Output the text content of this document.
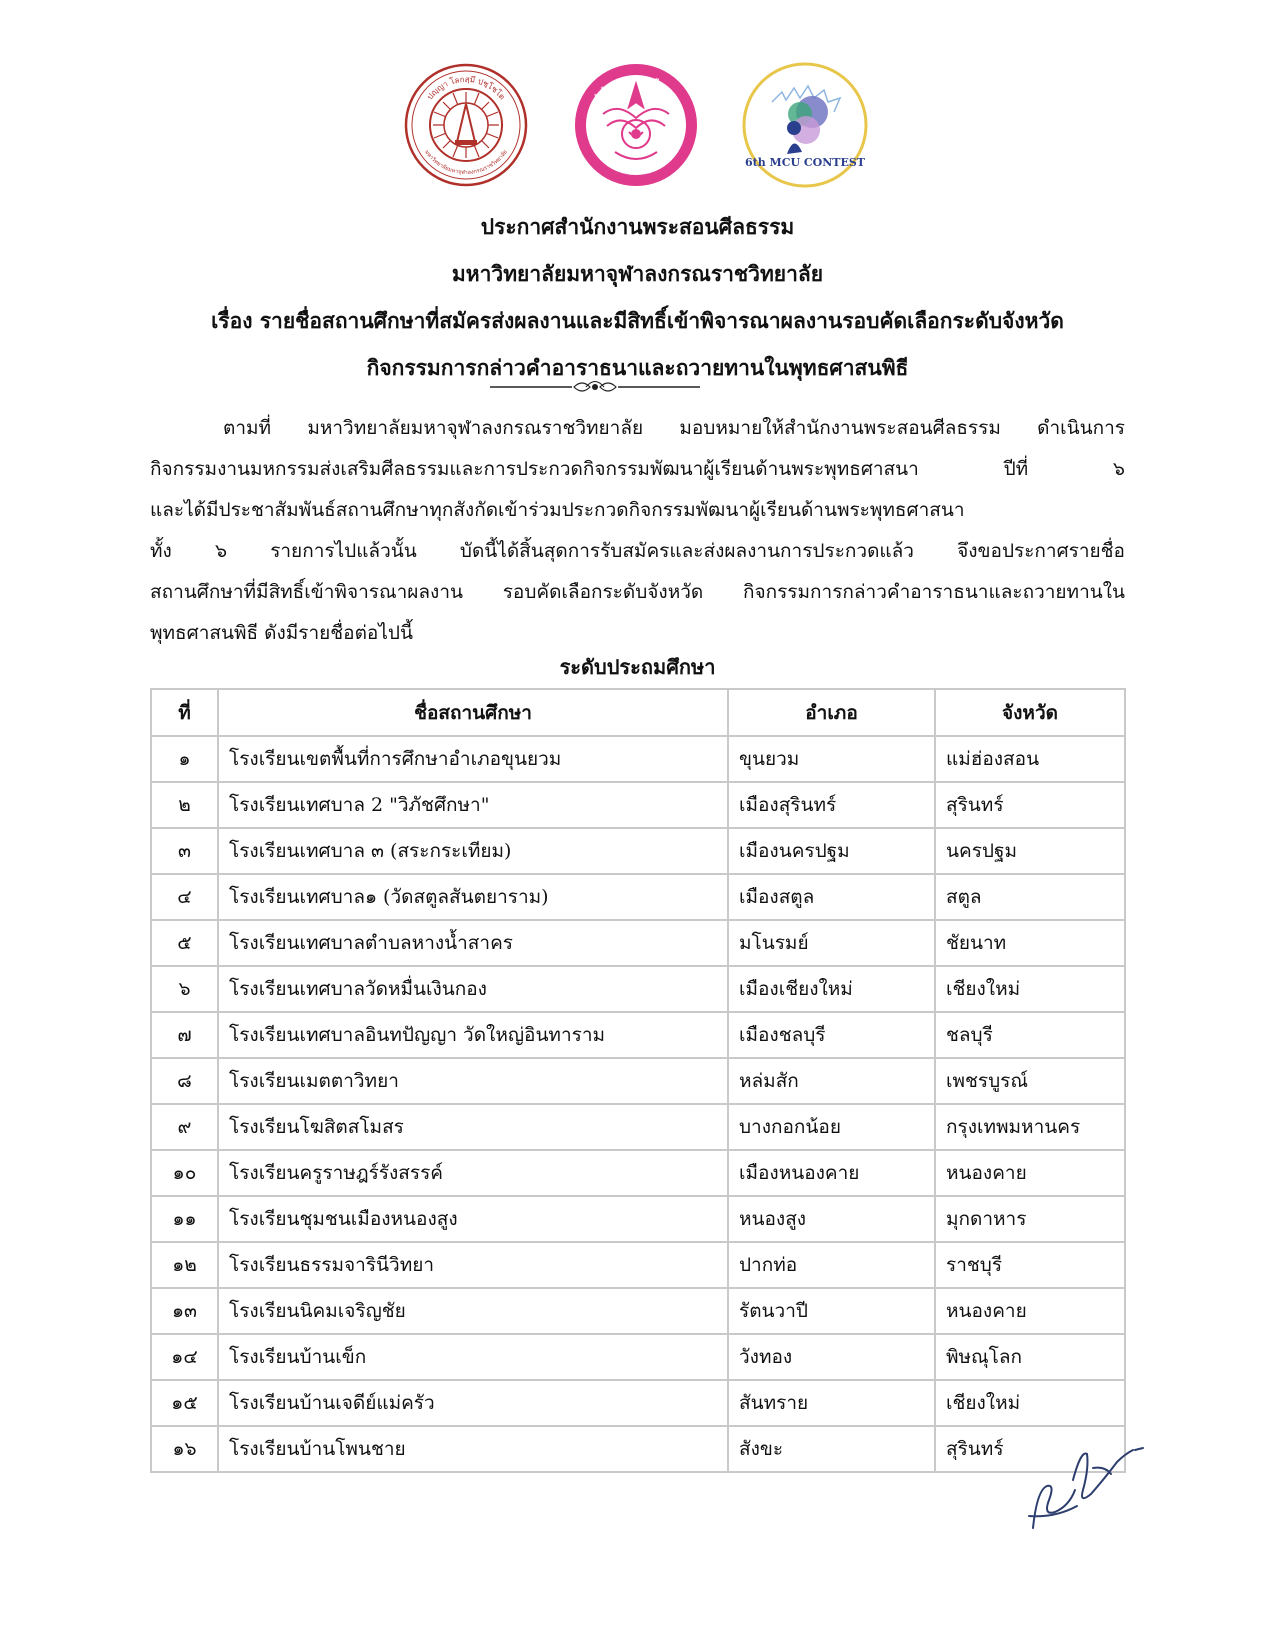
ปญฺญา โลกสฺมึ ปชฺโชโต
มหาวิทยาลัยมหาจุฬาลงกรณราชวิทยาลัย
สำนักงานพระสอนศีลธรรม
มหาวิทยาลัยมหาจุฬาลงกรณราชวิทยาลัย
6th MCU CONTEST
ประกาศสำนักงานพระสอนศีลธรรม
มหาวิทยาลัยมหาจุฬาลงกรณราชวิทยาลัย
เรื่อง รายชื่อสถานศึกษาที่สมัครส่งผลงานและมีสิทธิ์เข้าพิจารณาผลงานรอบคัดเลือกระดับจังหวัด
กิจกรรมการกล่าวคำอาราธนาและถวายทานในพุทธศาสนพิธี
ตามที่ มหาวิทยาลัยมหาจุฬาลงกรณราชวิทยาลัย มอบหมายให้สำนักงานพระสอนศีลธรรม ดำเนินการ
กิจกรรมงานมหกรรมส่งเสริมศีลธรรมและการประกวดกิจกรรมพัฒนาผู้เรียนด้านพระพุทธศาสนา	ปีที่	๖
และได้มีประชาสัมพันธ์สถานศึกษาทุกสังกัดเข้าร่วมประกวดกิจกรรมพัฒนาผู้เรียนด้านพระพุทธศาสนา
ทั้ง ๖ รายการไปแล้วนั้น บัดนี้ได้สิ้นสุดการรับสมัครและส่งผลงานการประกวดแล้ว จึงขอประกาศรายชื่อ
สถานศึกษาที่มีสิทธิ์เข้าพิจารณาผลงาน รอบคัดเลือกระดับจังหวัด กิจกรรมการกล่าวคำอาราธนาและถวายทานใน
พุทธศาสนพิธี ดังมีรายชื่อต่อไปนี้
ระดับประถมศึกษา
ที่	ชื่อสถานศึกษา	อำเภอ	จังหวัด
๑	โรงเรียนเขตพื้นที่การศึกษาอำเภอขุนยวม	ขุนยวม	แม่ฮ่องสอน
๒	โรงเรียนเทศบาล 2 "วิภัชศึกษา"	เมืองสุรินทร์	สุรินทร์
๓	โรงเรียนเทศบาล ๓ (สระกระเทียม)	เมืองนครปฐม	นครปฐม
๔	โรงเรียนเทศบาล๑ (วัดสตูลสันตยาราม)	เมืองสตูล	สตูล
๕	โรงเรียนเทศบาลตำบลหางน้ำสาคร	มโนรมย์	ชัยนาท
๖	โรงเรียนเทศบาลวัดหมื่นเงินกอง	เมืองเชียงใหม่	เชียงใหม่
๗	โรงเรียนเทศบาลอินทปัญญา วัดใหญ่อินทาราม	เมืองชลบุรี	ชลบุรี
๘	โรงเรียนเมตตาวิทยา	หล่มสัก	เพชรบูรณ์
๙	โรงเรียนโฆสิตสโมสร	บางกอกน้อย	กรุงเทพมหานคร
๑๐	โรงเรียนครูราษฎร์รังสรรค์	เมืองหนองคาย	หนองคาย
๑๑	โรงเรียนชุมชนเมืองหนองสูง	หนองสูง	มุกดาหาร
๑๒	โรงเรียนธรรมจารินีวิทยา	ปากท่อ	ราชบุรี
๑๓	โรงเรียนนิคมเจริญชัย	รัตนวาปี	หนองคาย
๑๔	โรงเรียนบ้านเข็ก	วังทอง	พิษณุโลก
๑๕	โรงเรียนบ้านเจดีย์แม่ครัว	สันทราย	เชียงใหม่
๑๖	โรงเรียนบ้านโพนชาย	สังขะ	สุรินทร์
